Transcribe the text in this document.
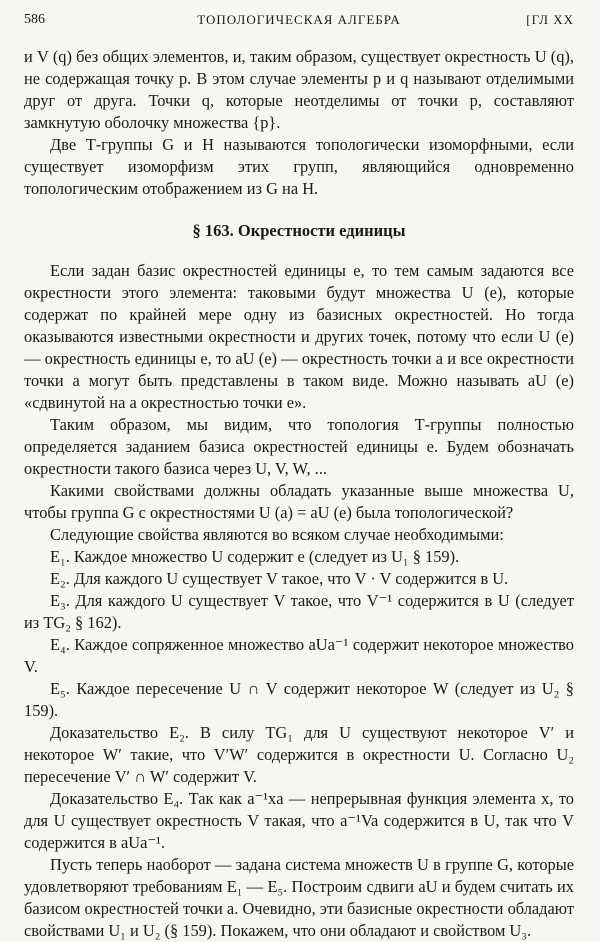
586	ТОПОЛОГИЧЕСКАЯ АЛГЕБРА	[ГЛ XX

и V (q) без общих элементов, и, таким образом, существует окрестность U (q), не содержащая точку p. В этом случае элементы p и q называют отделимыми друг от друга. Точки q, которые неотделимы от точки p, составляют замкнутую оболочку множества {p}.

Две Т-группы G и H называются топологически изоморфными, если существует изоморфизм этих групп, являющийся одновременно топологическим отображением из G на H.

§ 163. Окрестности единицы

Если задан базис окрестностей единицы e, то тем самым задаются все окрестности этого элемента: таковыми будут множества U (e), которые содержат по крайней мере одну из базисных окрестностей. Но тогда оказываются известными окрестности и других точек, потому что если U (e) — окрестность единицы e, то aU (e) — окрестность точки a и все окрестности точки a могут быть представлены в таком виде. Можно называть aU (e) «сдвинутой на a окрестностью точки e».

Таким образом, мы видим, что топология Т-группы полностью определяется заданием базиса окрестностей единицы e. Будем обозначать окрестности такого базиса через U, V, W, ...

Какими свойствами должны обладать указанные выше множества U, чтобы группа G с окрестностями U (a) = aU (e) была топологической?

Следующие свойства являются во всяком случае необходимыми:

E₁. Каждое множество U содержит e (следует из U₁ § 159).

E₂. Для каждого U существует V такое, что V · V содержится в U.

E₃. Для каждого U существует V такое, что V⁻¹ содержится в U (следует из TG₂ § 162).

E₄. Каждое сопряженное множество aUa⁻¹ содержит некоторое множество V.

E₅. Каждое пересечение U ∩ V содержит некоторое W (следует из U₂ § 159).

Доказательство E₂. В силу TG₁ для U существуют некоторое V′ и некоторое W′ такие, что V′W′ содержится в окрестности U. Согласно U₂ пересечение V′ ∩ W′ содержит V.

Доказательство E₄. Так как a⁻¹xa — непрерывная функция элемента x, то для U существует окрестность V такая, что a⁻¹Va содержится в U, так что V содержится в aUa⁻¹.

Пусть теперь наоборот — задана система множеств U в группе G, которые удовлетворяют требованиям E₁ — E₅. Построим сдвиги aU и будем считать их базисом окрестностей точки a. Очевидно, эти базисные окрестности обладают свойствами U₁ и U₂ (§ 159). Покажем, что они обладают и свойством U₃.
